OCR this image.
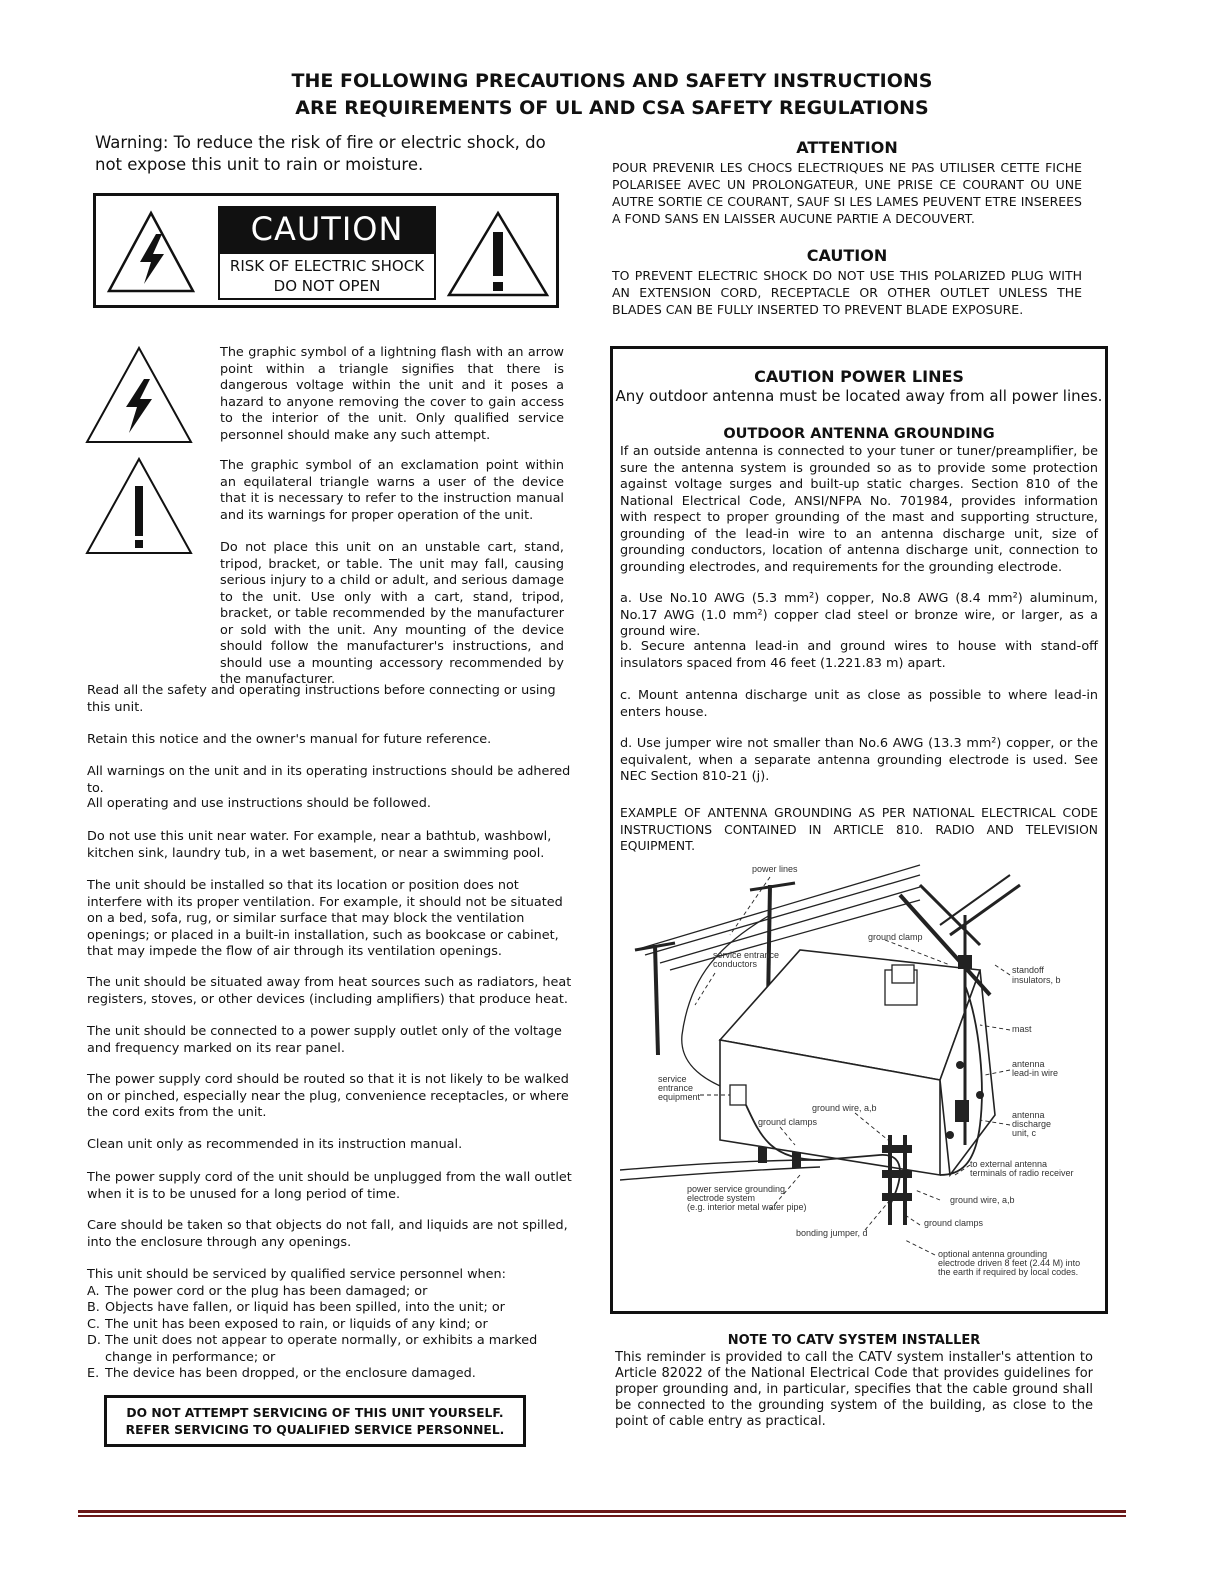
THE FOLLOWING PRECAUTIONS AND SAFETY INSTRUCTIONS
ARE REQUIREMENTS OF UL AND CSA SAFETY REGULATIONS
Warning: To reduce the risk of fire or electric shock, do not expose this unit to rain or moisture.
CAUTION
RISK OF ELECTRIC SHOCK
DO NOT OPEN
ATTENTION
POUR PREVENIR LES CHOCS ELECTRIQUES NE PAS UTILISER CETTE FICHE POLARISEE AVEC UN PROLONGATEUR, UNE PRISE CE COURANT OU UNE AUTRE SORTIE CE COURANT, SAUF SI LES LAMES PEUVENT ETRE INSEREES A FOND SANS EN LAISSER AUCUNE PARTIE A DECOUVERT.
CAUTION
TO PREVENT ELECTRIC SHOCK DO NOT USE THIS POLARIZED PLUG WITH AN EXTENSION CORD, RECEPTACLE OR OTHER OUTLET UNLESS THE BLADES CAN BE FULLY INSERTED TO PREVENT BLADE EXPOSURE.
The graphic symbol of a lightning flash with an arrow point within a triangle signifies that there is dangerous voltage within the unit and it poses a hazard to anyone removing the cover to gain access to the interior of the unit. Only qualified service personnel should make any such attempt.
The graphic symbol of an exclamation point within an equilateral triangle warns a user of the device that it is necessary to refer to the instruction manual and its warnings for proper operation of the unit.
Do not place this unit on an unstable cart, stand, tripod, bracket, or table. The unit may fall, causing serious injury to a child or adult, and serious damage to the unit. Use only with a cart, stand, tripod, bracket, or table recommended by the manufacturer or sold with the unit. Any mounting of the device should follow the manufacturer's instructions, and should use a mounting accessory recommended by the manufacturer.
Read all the safety and operating instructions before connecting or using this unit.
Retain this notice and the owner's manual for future reference.
All warnings on the unit and in its operating instructions should be adhered to.
All operating and use instructions should be followed.
Do not use this unit near water. For example, near a bathtub, washbowl, kitchen sink, laundry tub, in a wet basement, or near a swimming pool.
The unit should be installed so that its location or position does not interfere with its proper ventilation. For example, it should not be situated on a bed, sofa, rug, or similar surface that may block the ventilation openings; or placed in a built-in installation, such as bookcase or cabinet, that may impede the flow of air through its ventilation openings.
The unit should be situated away from heat sources such as radiators, heat registers, stoves, or other devices (including amplifiers) that produce heat.
The unit should be connected to a power supply outlet only of the voltage and frequency marked on its rear panel.
The power supply cord should be routed so that it is not likely to be walked on or pinched, especially near the plug, convenience receptacles, or where the cord exits from the unit.
Clean unit only as recommended in its instruction manual.
The power supply cord of the unit should be unplugged from the wall outlet when it is to be unused for a long period of time.
Care should be taken so that objects do not fall, and liquids are not spilled, into the enclosure through any openings.
This unit should be serviced by qualified service personnel when:
A. The power cord or the plug has been damaged; or
B. Objects have fallen, or liquid has been spilled, into the unit; or
C. The unit has been exposed to rain, or liquids of any kind; or
D. The unit does not appear to operate normally, or exhibits a marked change in performance; or
E. The device has been dropped, or the enclosure damaged.
DO NOT ATTEMPT SERVICING OF THIS UNIT YOURSELF.
REFER SERVICING TO QUALIFIED SERVICE PERSONNEL.
CAUTION POWER LINES
Any outdoor antenna must be located away from all power lines.
OUTDOOR ANTENNA GROUNDING
If an outside antenna is connected to your tuner or tuner/preamplifier, be sure the antenna system is grounded so as to provide some protection against voltage surges and built-up static charges. Section 810 of the National Electrical Code, ANSI/NFPA No. 701984, provides information with respect to proper grounding of the mast and supporting structure, grounding of the lead-in wire to an antenna discharge unit, size of grounding conductors, location of antenna discharge unit, connection to grounding electrodes, and requirements for the grounding electrode.
a. Use No.10 AWG (5.3 mm²) copper, No.8 AWG (8.4 mm²) aluminum, No.17 AWG (1.0 mm²) copper clad steel or bronze wire, or larger, as a ground wire.
b. Secure antenna lead-in and ground wires to house with stand-off insulators spaced from 46 feet (1.221.83 m) apart.
c. Mount antenna discharge unit as close as possible to where lead-in enters house.
d. Use jumper wire not smaller than No.6 AWG (13.3 mm²) copper, or the equivalent, when a separate antenna grounding electrode is used. See NEC Section 810-21 (j).
EXAMPLE OF ANTENNA GROUNDING AS PER NATIONAL ELECTRICAL CODE INSTRUCTIONS CONTAINED IN ARTICLE 810. RADIO AND TELEVISION EQUIPMENT.
power lines
ground clamp
service entrance
conductors
standoff
insulators, b
mast
antenna
lead-in wire
service
entrance
equipment
ground wire, a,b
ground clamps
antenna
discharge
unit, c
to external antenna
terminals of radio receiver
power service grounding
electrode system
(e.g. interior metal water pipe)
ground wire, a,b
ground clamps
bonding jumper, d
optional antenna grounding
electrode driven 8 feet (2.44 M) into
the earth if required by local codes.
NOTE TO CATV SYSTEM INSTALLER
This reminder is provided to call the CATV system installer's attention to Article 82022 of the National Electrical Code that provides guidelines for proper grounding and, in particular, specifies that the cable ground shall be connected to the grounding system of the building, as close to the point of cable entry as practical.
